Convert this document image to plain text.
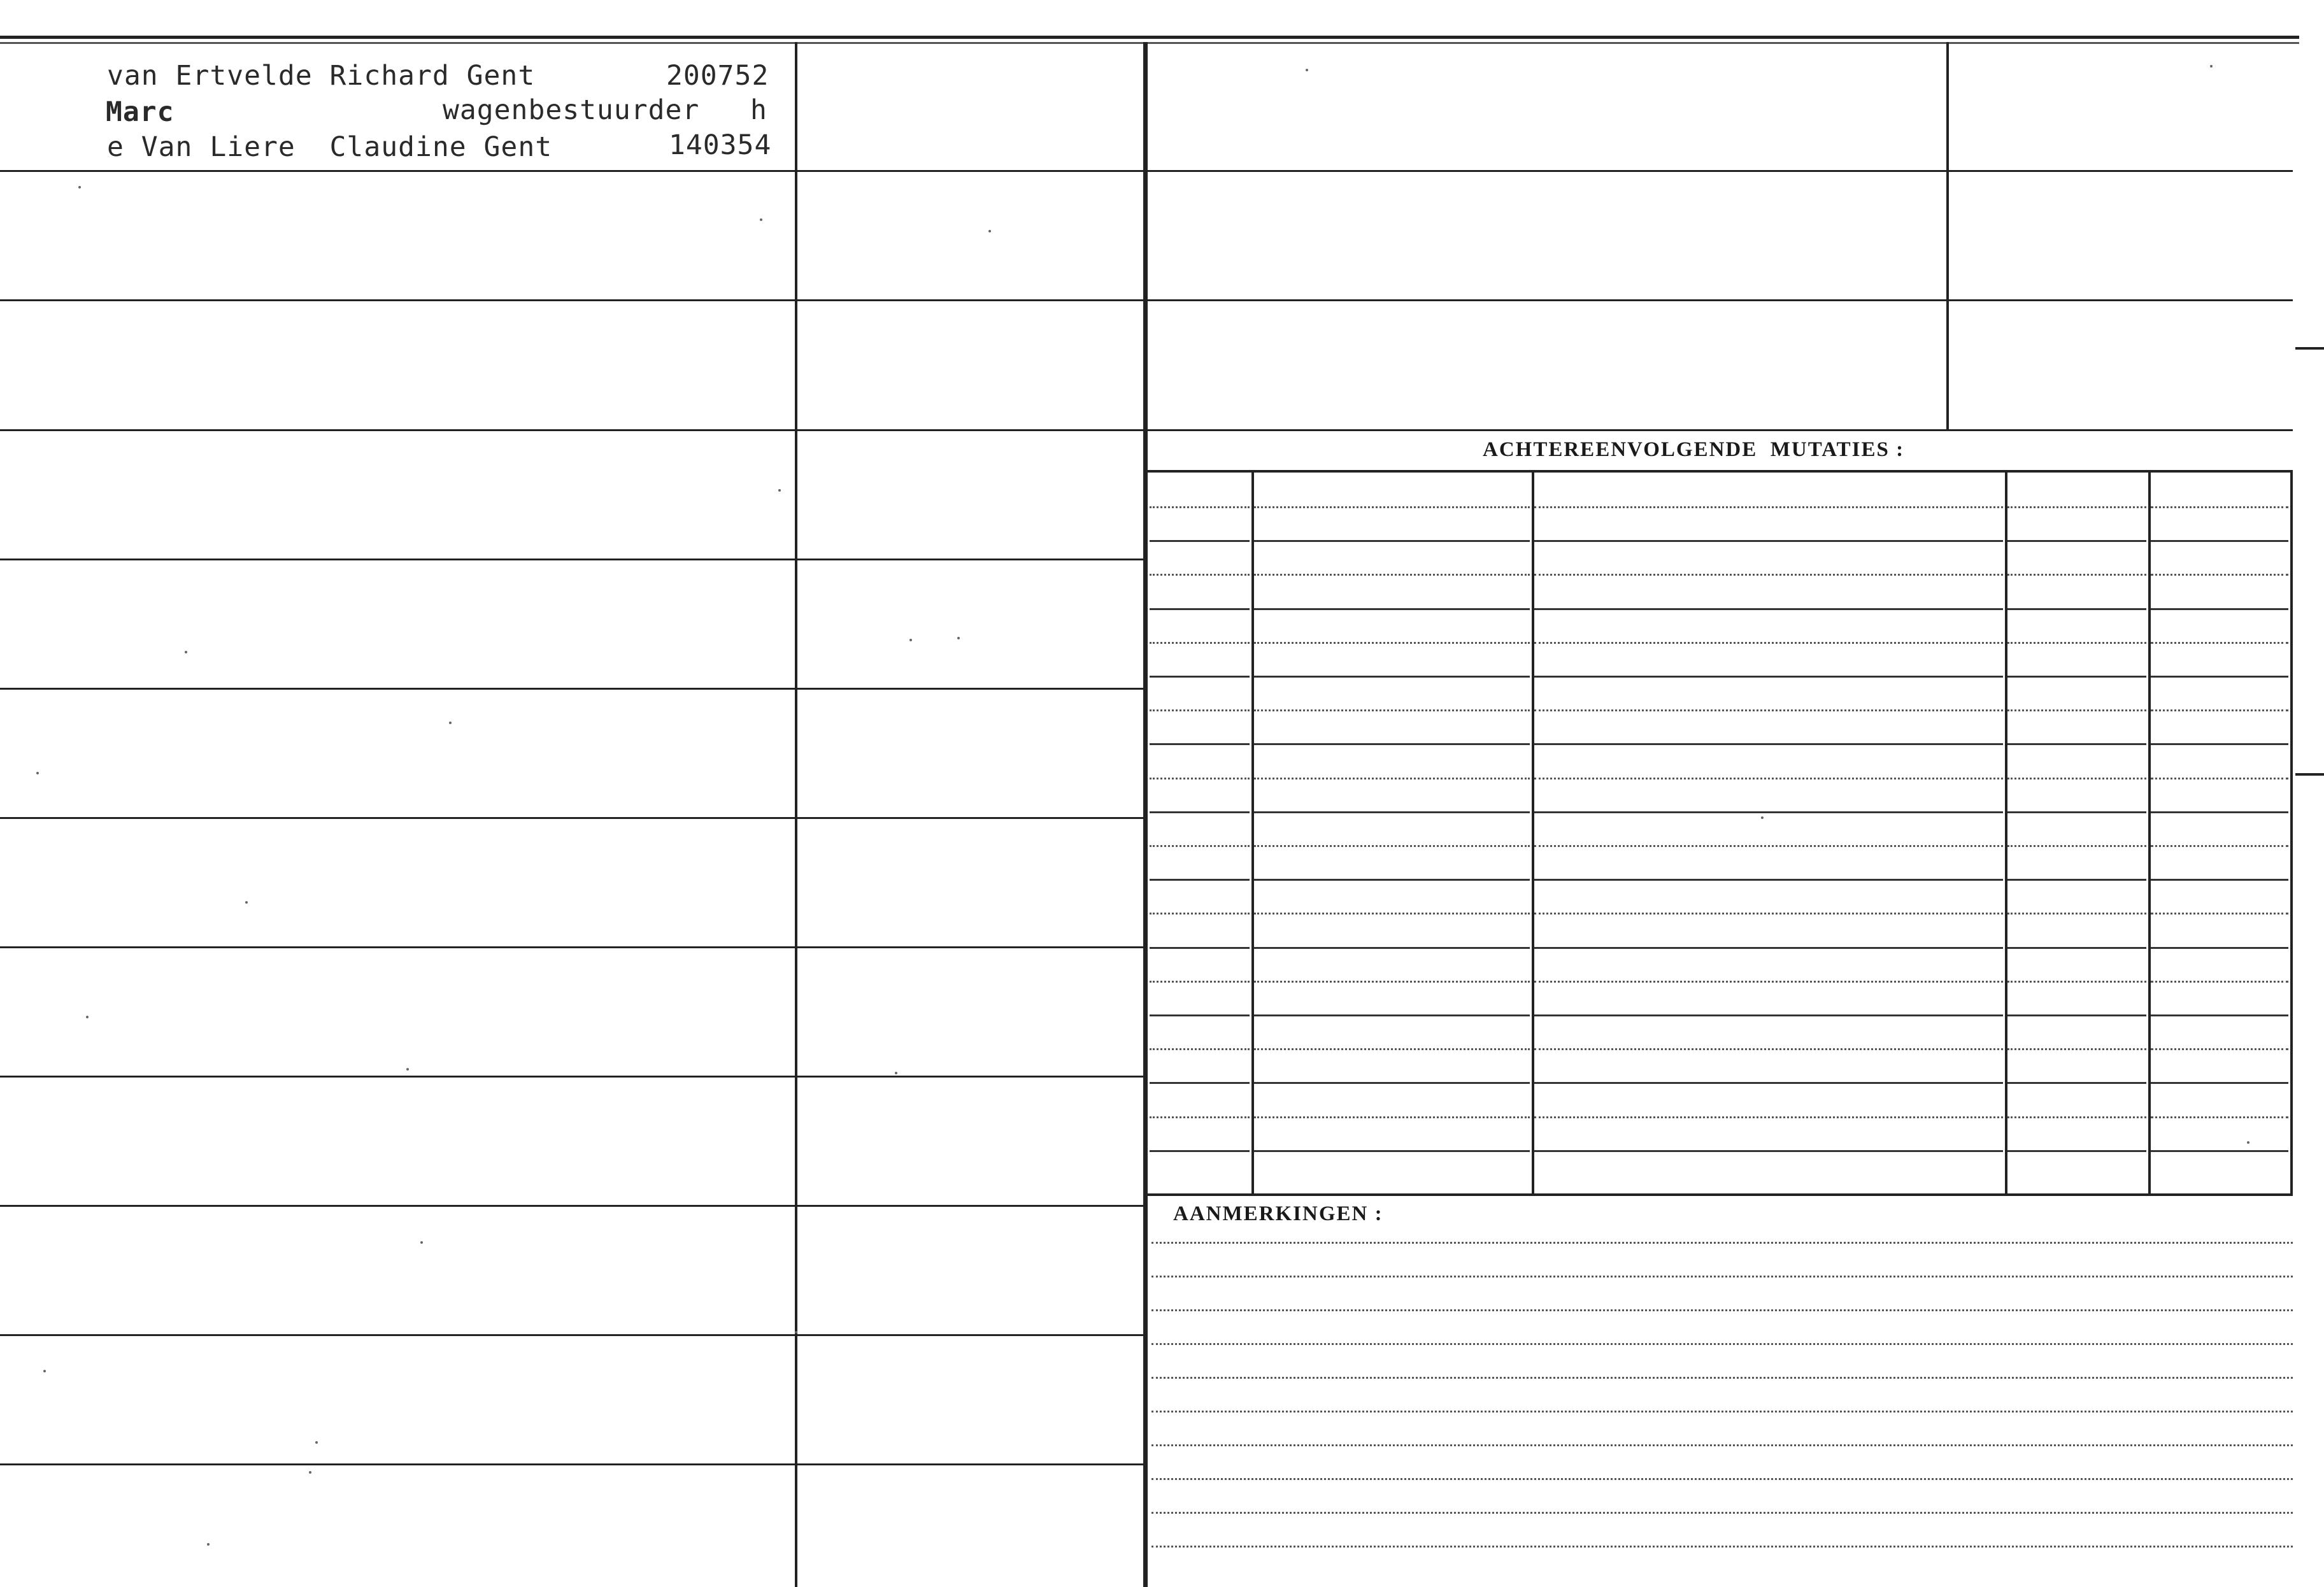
ACHTEREENVOLGENDE  MUTATIES :
AANMERKINGEN :
van Ertvelde Richard Gent	200752
Marc	wagenbestuurder h
e Van Liere  Claudine Gent	140354
